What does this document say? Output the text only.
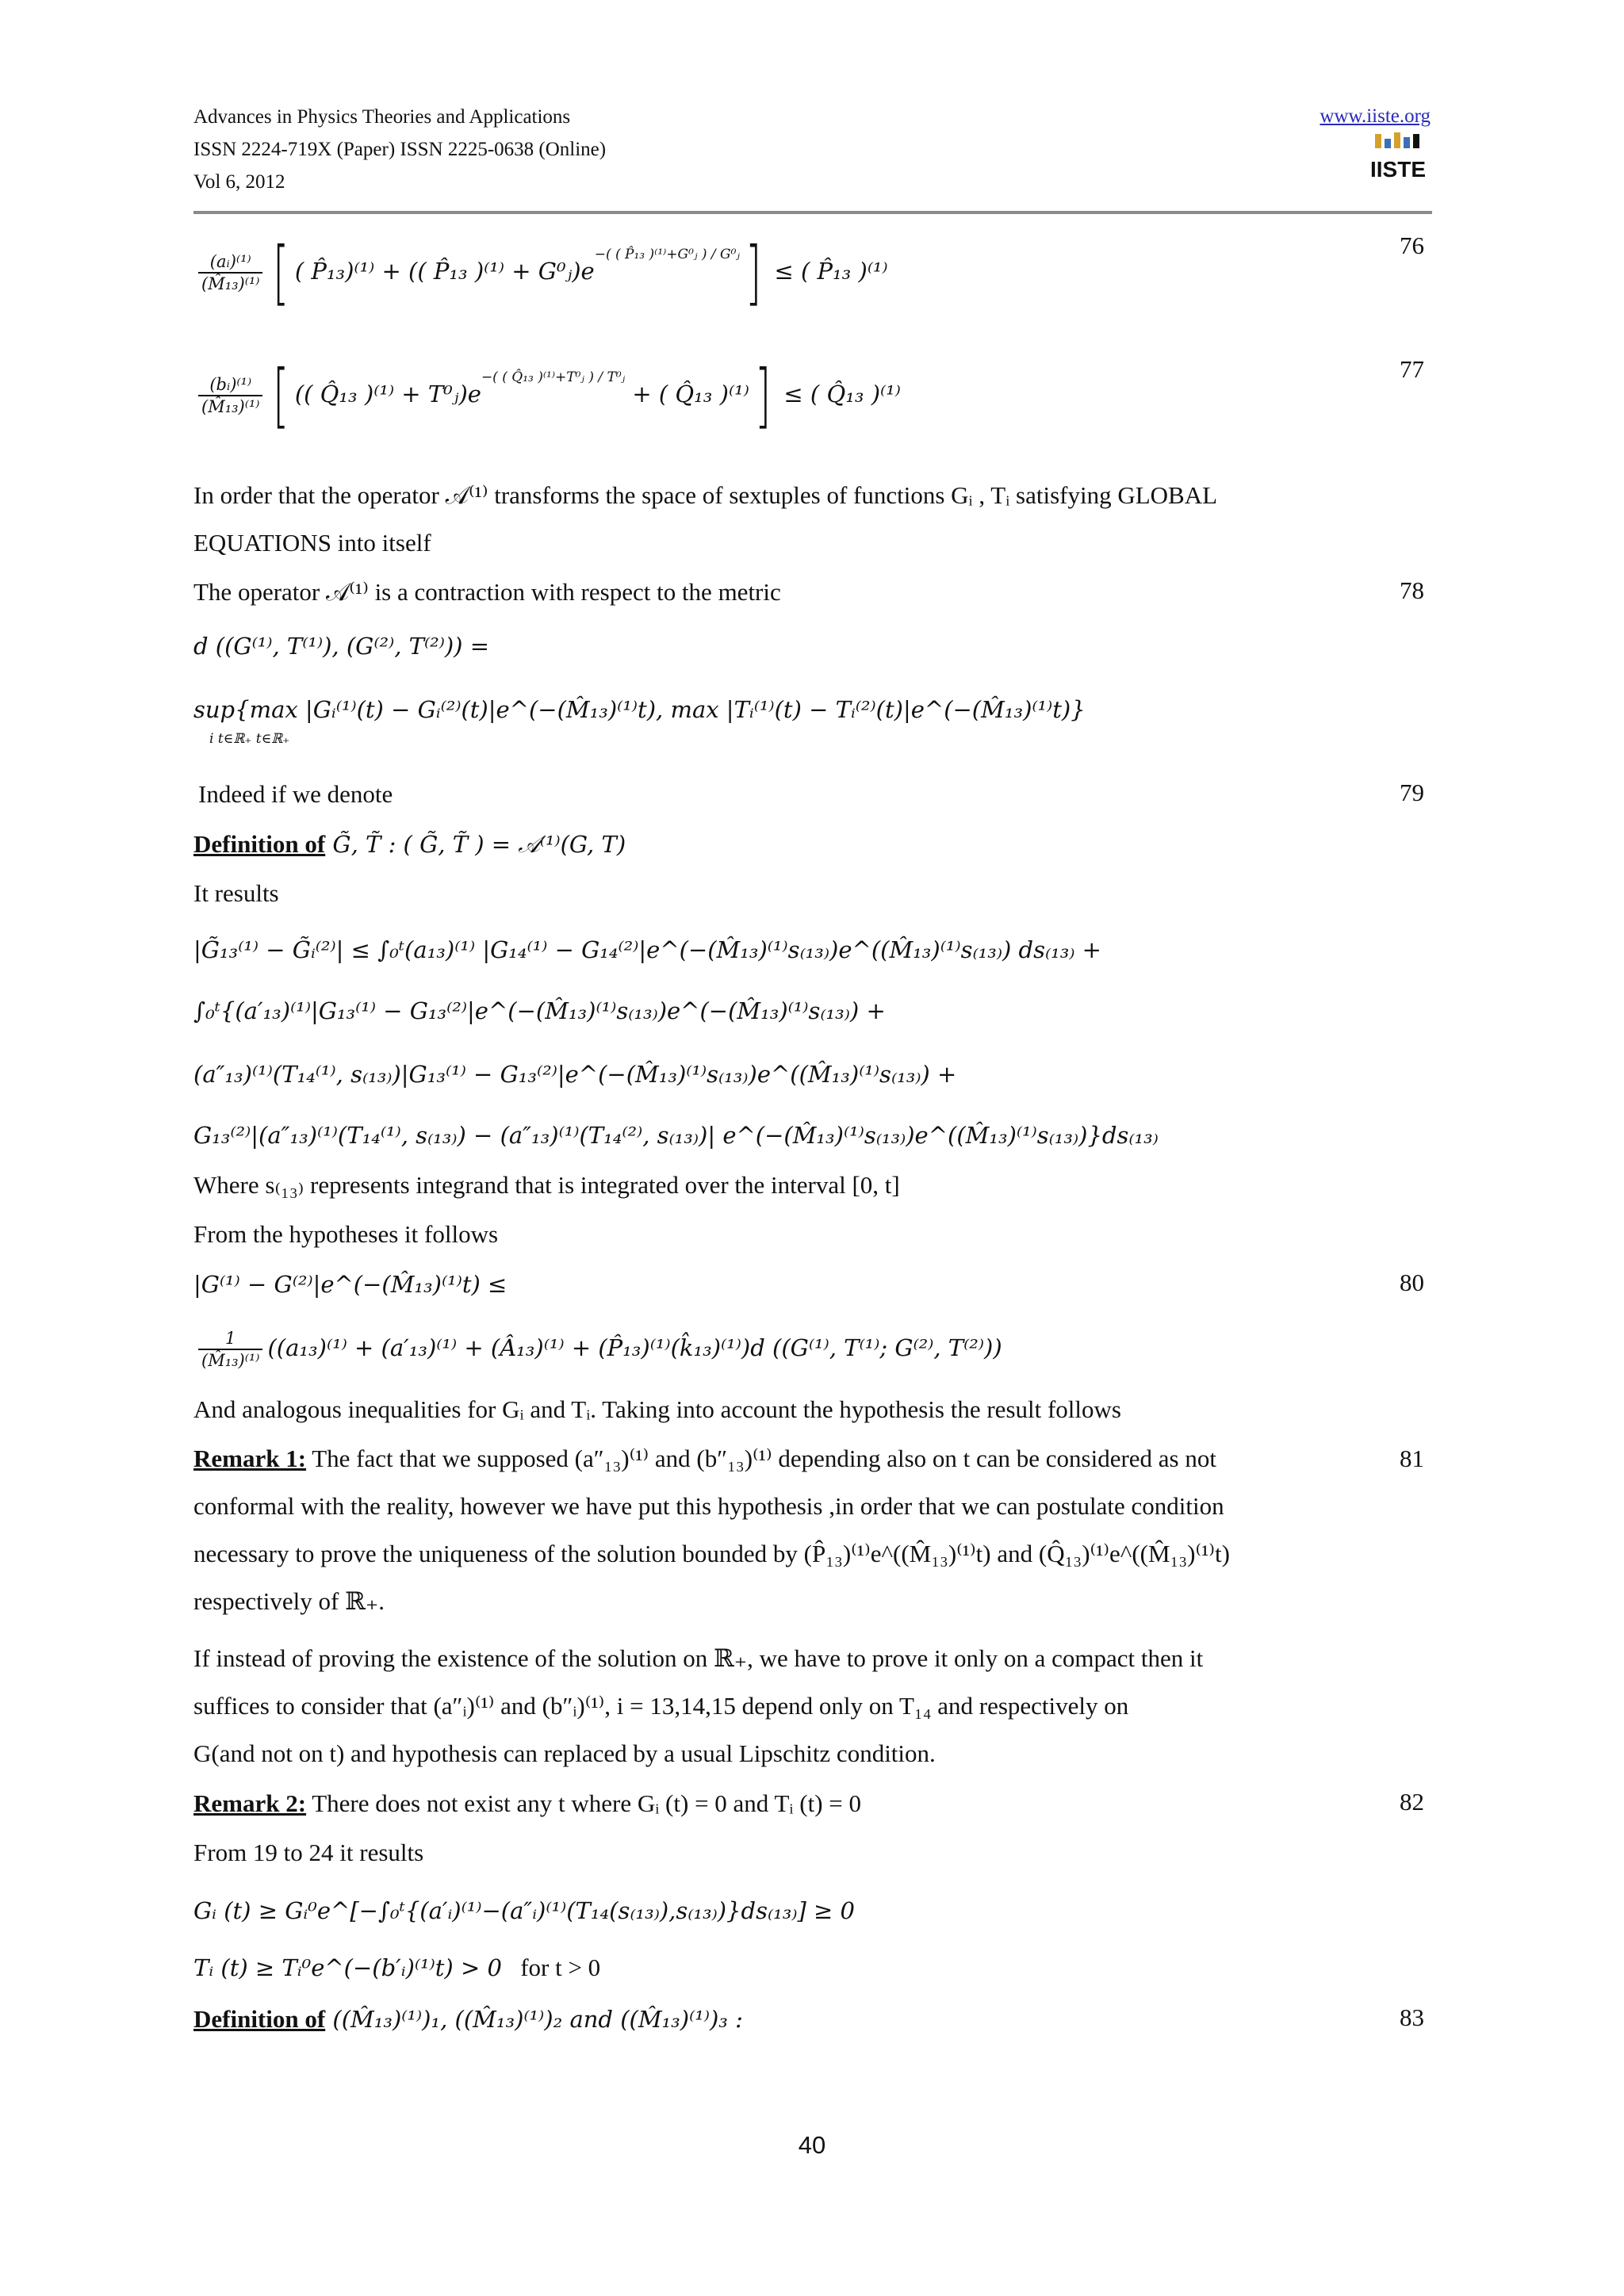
Advances in Physics Theories and Applications
ISSN 2224-719X (Paper) ISSN 2225-0638 (Online)
Vol 6, 2012
www.iiste.org
IISTE
$\frac{\text{(aᵢ)⁽¹⁾}}{\text{(M̂₁₃)⁽¹⁾}}$ [ ( P̂₁₃)⁽¹⁾ + (( P̂₁₃ )$^{(1)} + G^0ⱼ)e^{-( ( P̂_{13} )^{(1)}+G^0ⱼ ) / G^0ⱼ}$] ≤ ( P̂₁₃ )⁽¹⁾
76
$\frac{\text{(bᵢ)⁽¹⁾}}{\text{(M̂₁₃)⁽¹⁾}}$ [ (( Q̂₁₃ )$^{(1)} + T^0ⱼ)e^{-( ( Q̂_{13} )^{(1)}+T^0ⱼ ) / T^0ⱼ}$ + ( Q̂₁₃ )⁽¹⁾] ≤ ( Q̂₁₃ )⁽¹⁾
77
In order that the operator 𝒜⁽¹⁾ transforms the space of sextuples of functions Gᵢ , Tᵢ satisfying GLOBAL
EQUATIONS into itself
The operator 𝒜⁽¹⁾ is a contraction with respect to the metric	78
d ((G⁽¹⁾, T⁽¹⁾), (G⁽²⁾, T⁽²⁾)) =
sup{max |Gᵢ⁽¹⁾(t) − Gᵢ⁽²⁾(t)|e^(−(M̂₁₃)⁽¹⁾t), max |Tᵢ⁽¹⁾(t) − Tᵢ⁽²⁾(t)|e^(−(M̂₁₃)⁽¹⁾t)}
i t∈ℝ₊ t∈ℝ₊
Indeed if we denote	79
Definition of G̃, T̃ : ( G̃, T̃ ) = 𝒜⁽¹⁾(G, T)
It results
|G̃₁₃⁽¹⁾ − G̃ᵢ⁽²⁾| ≤ ∫₀ᵗ(a₁₃)⁽¹⁾ |G₁₄⁽¹⁾ − G₁₄⁽²⁾|e^(−(M̂₁₃)⁽¹⁾s₍₁₃₎)e^((M̂₁₃)⁽¹⁾s₍₁₃₎) ds₍₁₃₎ +
∫₀ᵗ{(a′₁₃)⁽¹⁾|G₁₃⁽¹⁾ − G₁₃⁽²⁾|e^(−(M̂₁₃)⁽¹⁾s₍₁₃₎)e^(−(M̂₁₃)⁽¹⁾s₍₁₃₎) +
(a″₁₃)⁽¹⁾(T₁₄⁽¹⁾, s₍₁₃₎)|G₁₃⁽¹⁾ − G₁₃⁽²⁾|e^(−(M̂₁₃)⁽¹⁾s₍₁₃₎)e^((M̂₁₃)⁽¹⁾s₍₁₃₎) +
G₁₃⁽²⁾|(a″₁₃)⁽¹⁾(T₁₄⁽¹⁾, s₍₁₃₎) − (a″₁₃)⁽¹⁾(T₁₄⁽²⁾, s₍₁₃₎)| e^(−(M̂₁₃)⁽¹⁾s₍₁₃₎)e^((M̂₁₃)⁽¹⁾s₍₁₃₎)}ds₍₁₃₎
Where s₍₁₃₎ represents integrand that is integrated over the interval [0, t]
From the hypotheses it follows
|G⁽¹⁾ − G⁽²⁾|e^(−(M̂₁₃)⁽¹⁾t) ≤	80
$\frac{1}{\text{(M̂₁₃)⁽¹⁾}} ((a_{13})^{(1)} + (a'_{13})^{(1)}$ + (Â₁₃)⁽¹⁾ + (P̂₁₃)⁽¹⁾(k̂₁₃)⁽¹⁾)d ((G⁽¹⁾, T⁽¹⁾; G⁽²⁾, T⁽²⁾))
And analogous inequalities for Gᵢ and Tᵢ. Taking into account the hypothesis the result follows
Remark 1: The fact that we supposed (a″₁₃)⁽¹⁾ and (b″₁₃)⁽¹⁾ depending also on t can be considered as not
conformal with the reality, however we have put this hypothesis ,in order that we can postulate condition
necessary to prove the uniqueness of the solution bounded by (P̂₁₃)⁽¹⁾e^((M̂₁₃)⁽¹⁾t) and (Q̂₁₃)⁽¹⁾e^((M̂₁₃)⁽¹⁾t)
respectively of ℝ₊.
81
If instead of proving the existence of the solution on ℝ₊, we have to prove it only on a compact then it
suffices to consider that (a″ᵢ)⁽¹⁾ and (b″ᵢ)⁽¹⁾, i = 13,14,15 depend only on T₁₄ and respectively on
G(and not on t) and hypothesis can replaced by a usual Lipschitz condition.
Remark 2: There does not exist any t where Gᵢ (t) = 0 and Tᵢ (t) = 0	82
From 19 to 24 it results
Gᵢ (t) ≥ Gᵢ⁰e^[−∫₀ᵗ{(a′ᵢ)⁽¹⁾−(a″ᵢ)⁽¹⁾(T₁₄(s₍₁₃₎),s₍₁₃₎)}ds₍₁₃₎] ≥ 0
Tᵢ (t) ≥ Tᵢ⁰e^(−(b′ᵢ)⁽¹⁾t) > 0 for t > 0
Definition of ((M̂₁₃)⁽¹⁾)₁, ((M̂₁₃)⁽¹⁾)₂ and ((M̂₁₃)⁽¹⁾)₃ :	83
40
